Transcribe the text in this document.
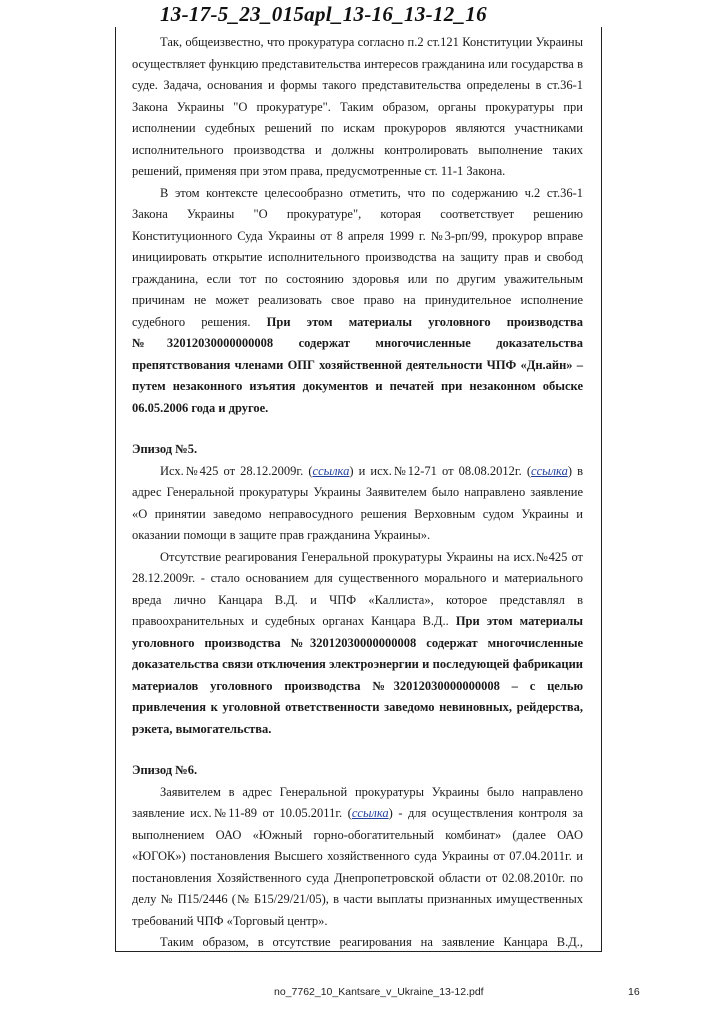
13-17-5_23_015apl_13-16_13-12_16

Так, общеизвестно, что прокуратура согласно п.2 ст.121 Конституции Украины осуществляет функцию представительства интересов гражданина или государства в суде. Задача, основания и формы такого представительства определены в ст.36-1 Закона Украины "О прокуратуре". Таким образом, органы прокуратуры при исполнении судебных решений по искам прокуроров являются участниками исполнительного производства и должны контролировать выполнение таких решений, применяя при этом права, предусмотренные ст. 11-1 Закона.

В этом контексте целесообразно отметить, что по содержанию ч.2 ст.36-1 Закона Украины "О прокуратуре", которая соответствует решению Конституционного Суда Украины от 8 апреля 1999 г. №3-рп/99, прокурор вправе инициировать открытие исполнительного производства на защиту прав и свобод гражданина, если тот по состоянию здоровья или по другим уважительным причинам не может реализовать свое право на принудительное исполнение судебного решения. При этом материалы уголовного производства №32012030000000008 содержат многочисленные доказательства препятствования членами ОПГ хозяйственной деятельности ЧПФ «Дн.айн» – путем незаконного изъятия документов и печатей при незаконном обыске 06.05.2006 года и другое.

Эпизод №5.

Исх.№425 от 28.12.2009г. (ссылка) и исх.№12-71 от 08.08.2012г. (ссылка) в адрес Генеральной прокуратуры Украины Заявителем было направлено заявление «О принятии заведомо неправосудного решения Верховным судом Украины и оказании помощи в защите прав гражданина Украины».

Отсутствие реагирования Генеральной прокуратуры Украины на исх.№425 от 28.12.2009г. - стало основанием для существенного морального и материального вреда лично Канцара В.Д. и ЧПФ «Каллиста», которое представлял в правоохранительных и судебных органах Канцара В.Д.. При этом материалы уголовного производства №32012030000000008 содержат многочисленные доказательства связи отключения электроэнергии и последующей фабрикации материалов уголовного производства №32012030000000008 – с целью привлечения к уголовной ответственности заведомо невиновных, рейдерства, рэкета, вымогательства.

Эпизод №6.

Заявителем в адрес Генеральной прокуратуры Украины было направлено заявление исх.№11-89 от 10.05.2011г. (ссылка) - для осуществления контроля за выполнением ОАО «Южный горно-обогатительный комбинат» (далее ОАО «ЮГОК») постановления Высшего хозяйственного суда Украины от 07.04.2011г. и постановления Хозяйственного суда Днепропетровской области от 02.08.2010г. по делу № П15/2446 (№ Б15/29/21/05), в части выплаты признанных имущественных требований ЧПФ «Торговый центр».

Таким образом, в отсутствие реагирования на заявление Канцара В.Д.,

no_7762_10_Kantsare_v_Ukraine_13-12.pdf	16
